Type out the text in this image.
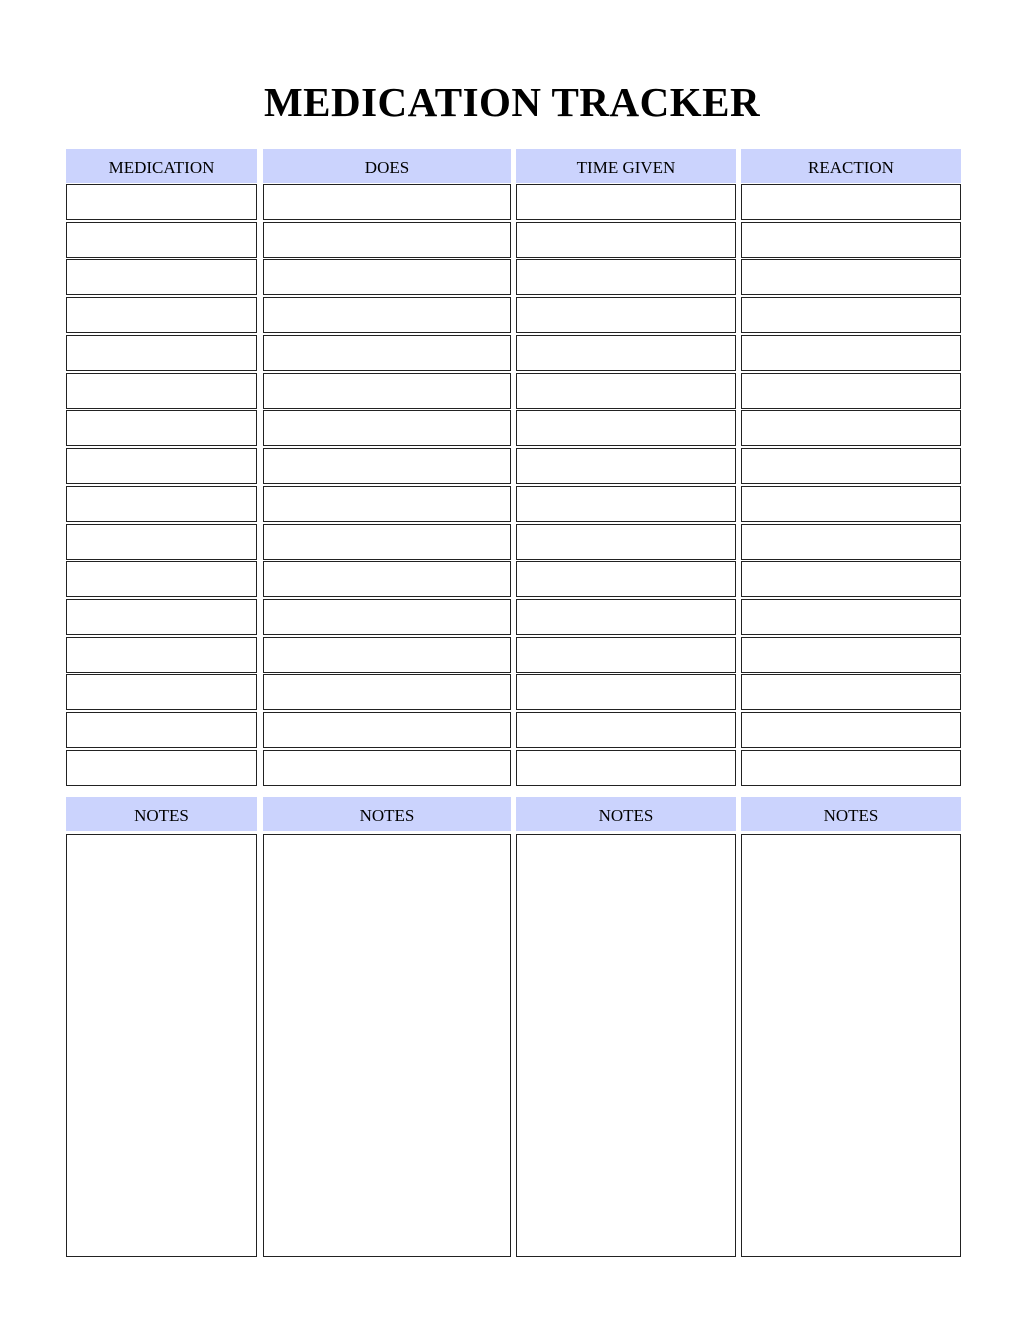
MEDICATION TRACKER
MEDICATION	DOES	TIME GIVEN	REACTION
NOTES	NOTES	NOTES	NOTES
